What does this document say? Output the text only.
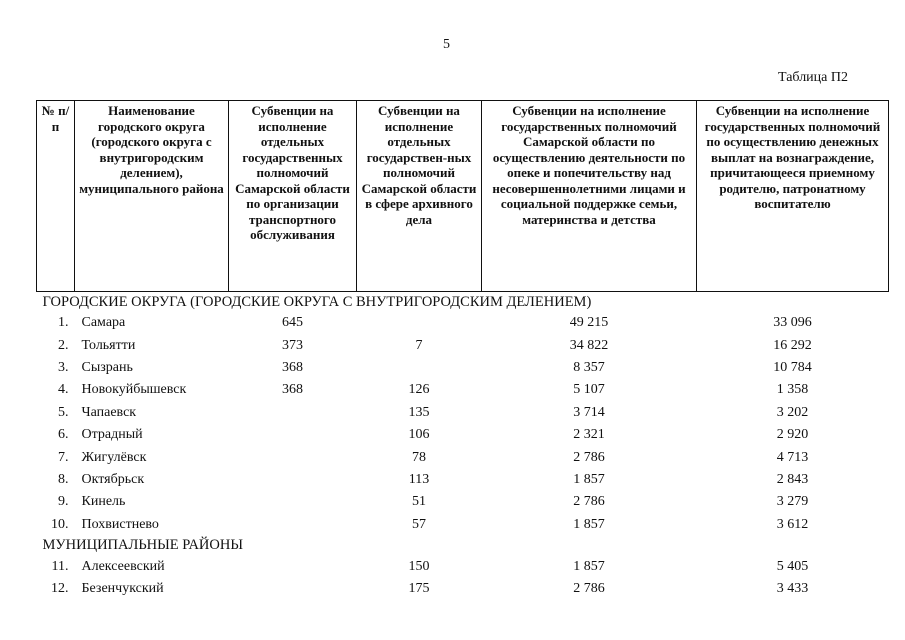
5
Таблица П2
№ п/п	Наименование городского округа (городского округа с внутригородским делением), муниципального района	Субвенции на исполнение отдельных государственных полномочий Самарской области по организации транспортного обслуживания	Субвенции на исполнение отдельных государствен-ных полномочий Самарской области в сфере архивного дела	Субвенции на исполнение государственных полномочий Самарской области по осуществлению деятельности по опеке и попечительству над несовершеннолетними лицами и социальной поддержке семьи, материнства и детства	Субвенции на исполнение государственных полномочий по осуществлению денежных выплат на вознаграждение, причитающееся приемному родителю, патронатному воспитателю
ГОРОДСКИЕ ОКРУГА (ГОРОДСКИЕ ОКРУГА С ВНУТРИГОРОДСКИМ ДЕЛЕНИЕМ)					
1.	Самара	645		49 215	33 096
2.	Тольятти	373	7	34 822	16 292
3.	Сызрань	368		8 357	10 784
4.	Новокуйбышевск	368	126	5 107	1 358
5.	Чапаевск		135	3 714	3 202
6.	Отрадный		106	2 321	2 920
7.	Жигулёвск		78	2 786	4 713
8.	Октябрьск		113	1 857	2 843
9.	Кинель		51	2 786	3 279
10.	Похвистнево		57	1 857	3 612
МУНИЦИПАЛЬНЫЕ РАЙОНЫ					
11.	Алексеевский		150	1 857	5 405
12.	Безенчукский		175	2 786	3 433
